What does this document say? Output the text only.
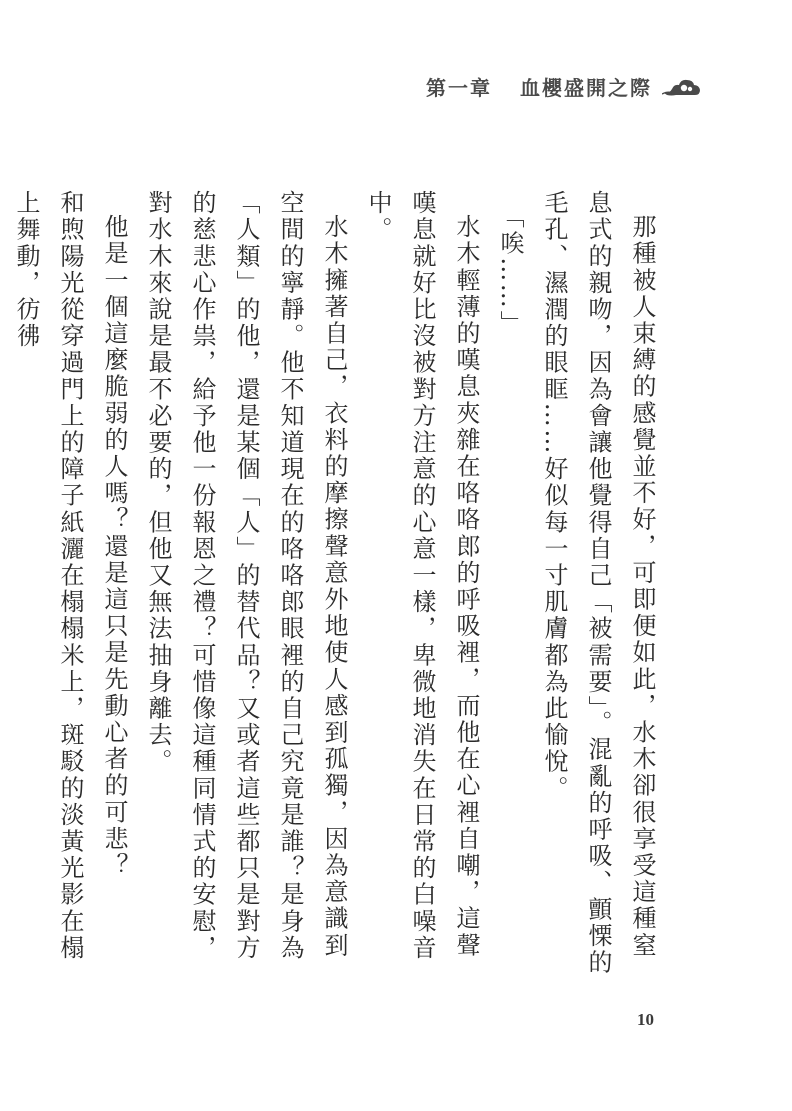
第一章 血櫻盛開之際

那種被人束縛的感覺並不好，可即便如此，水木卻很享受這種窒息式的親吻，因為會讓他覺得自己「被需要」。混亂的呼吸、顫慄的毛孔、濕潤的眼眶……好似每一寸肌膚都為此愉悅。

「唉……」

水木輕薄的嘆息夾雜在咯咯郎的呼吸裡，而他在心裡自嘲，這聲嘆息就好比沒被對方注意的心意一樣，卑微地消失在日常的白噪音中。

水木擁著自己，衣料的摩擦聲意外地使人感到孤獨，因為意識到空間的寧靜。他不知道現在的咯咯郎眼裡的自己究竟是誰？是身為「人類」的他，還是某個「人」的替代品？又或者這些都只是對方的慈悲心作祟，給予他一份報恩之禮？可惜像這種同情式的安慰，對水木來說是最不必要的，但他又無法抽身離去。

他是一個這麼脆弱的人嗎？還是這只是先動心者的可悲？

和煦陽光從穿過門上的障子紙灑在榻榻米上，斑駁的淡黃光影在榻上舞動，彷彿

10
